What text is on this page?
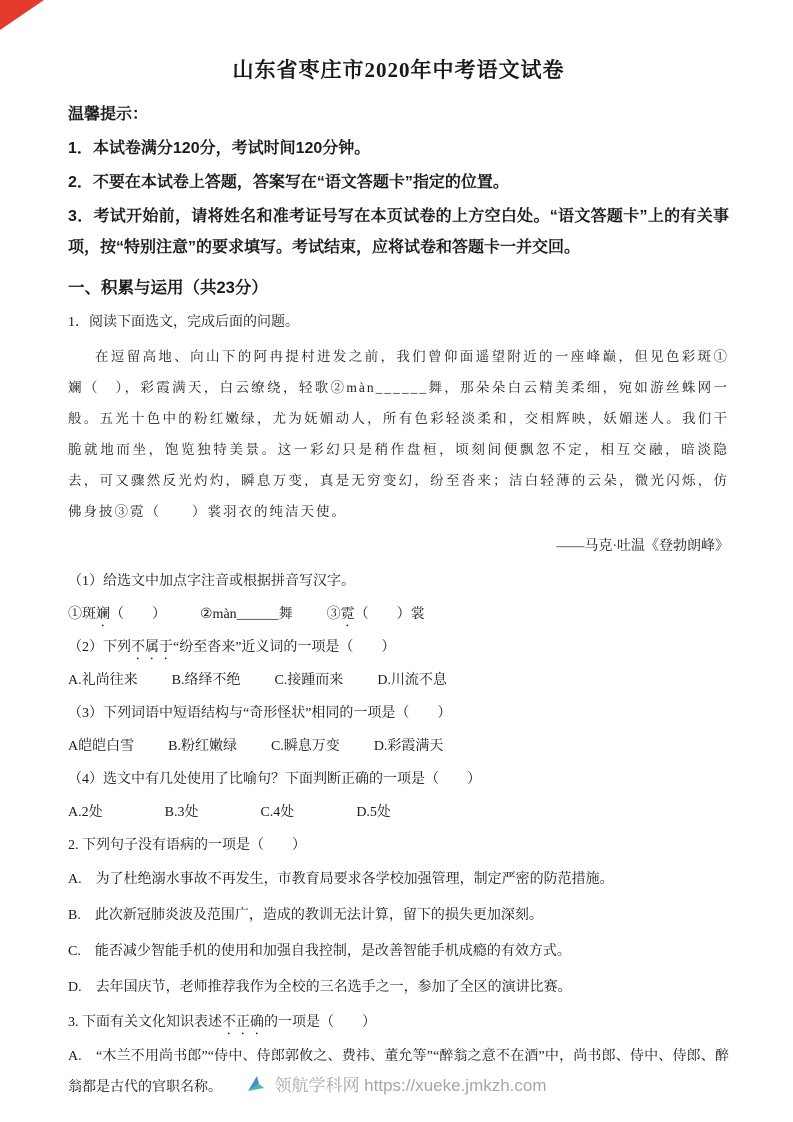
山东省枣庄市2020年中考语文试卷

温馨提示：

1．本试卷满分120分，考试时间120分钟。

2．不要在本试卷上答题，答案写在“语文答题卡”指定的位置。

3．考试开始前，请将姓名和准考证号写在本页试卷的上方空白处。“语文答题卡”上的有关事项，按“特别注意”的要求填写。考试结束，应将试卷和答题卡一并交回。

一、积累与运用（共23分）

1．阅读下面选文，完成后面的问题。

在逗留高地、向山下的阿冉提村进发之前，我们曾仰面遥望附近的一座峰巅，但见色彩斑①斓（　），彩霞满天，白云缭绕，轻歌②màn______舞，那朵朵白云精美柔细，宛如游丝蛛网一般。五光十色中的粉红嫩绿，尤为妩媚动人，所有色彩轻淡柔和，交相辉映，妖媚迷人。我们干脆就地而坐，饱览独特美景。这一彩幻只是稍作盘桓，顷刻间便飘忽不定，相互交融，暗淡隐去，可又骤然反光灼灼，瞬息万变，真是无穷变幻，纷至沓来；洁白轻薄的云朵，微光闪烁，仿佛身披③霓（　　）裳羽衣的纯洁天使。

——马克·吐温《登勃朗峰》

（1）给选文中加点字注音或根据拼音写汉字。

①斑斓（　　） ②màn______舞 ③霓（　　）裳

（2）下列不属于“纷至沓来”近义词的一项是（　　）

A.礼尚往来 B.络绎不绝 C.接踵而来 D.川流不息

（3）下列词语中短语结构与“奇形怪状”相同的一项是（　　）

A皑皑白雪 B.粉红嫩绿 C.瞬息万变 D.彩霞满天

（4）选文中有几处使用了比喻句？下面判断正确的一项是（　　）

A.2处	B.3处	C.4处	D.5处

2. 下列句子没有语病的一项是（　　）

A.　为了杜绝溺水事故不再发生，市教育局要求各学校加强管理，制定严密的防范措施。

B.　此次新冠肺炎波及范围广，造成的教训无法计算，留下的损失更加深刻。

C.　能否减少智能手机的使用和加强自我控制，是改善智能手机成瘾的有效方式。

D.　去年国庆节，老师推荐我作为全校的三名选手之一，参加了全区的演讲比赛。

3. 下面有关文化知识表述不正确的一项是（　　）

A.　“木兰不用尚书郎”“侍中、侍郎郭攸之、费祎、董允等”“醉翁之意不在酒”中，尚书郎、侍中、侍郎、醉翁都是古代的官职名称。	领航学科网 https://xueke.jmkzh.com
